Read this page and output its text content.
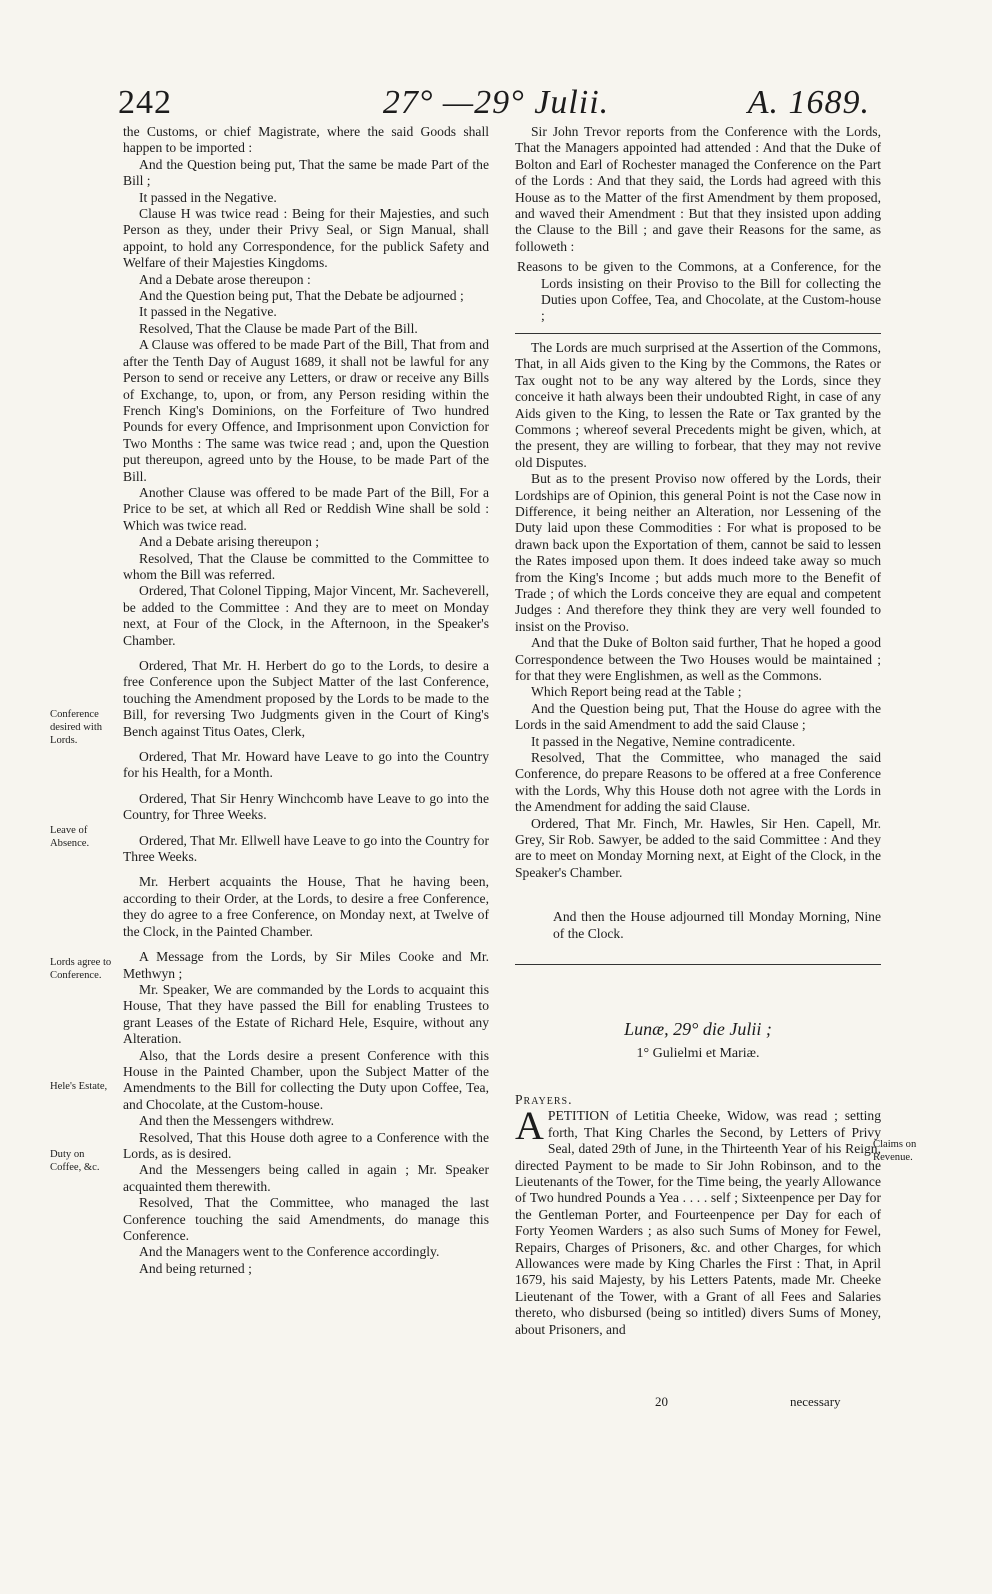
242	27° —29° Julii.	A. 1689.

the Customs, or chief Magistrate, where the said Goods shall happen to be imported :

And the Question being put, That the same be made Part of the Bill ;

It passed in the Negative.

Clause H was twice read : Being for their Majesties, and such Person as they, under their Privy Seal, or Sign Manual, shall appoint, to hold any Correspondence, for the publick Safety and Welfare of their Majesties Kingdoms.

And a Debate arose thereupon :

And the Question being put, That the Debate be adjourned ;

It passed in the Negative.

Resolved, That the Clause be made Part of the Bill.

A Clause was offered to be made Part of the Bill, That from and after the Tenth Day of August 1689, it shall not be lawful for any Person to send or receive any Letters, or draw or receive any Bills of Exchange, to, upon, or from, any Person residing within the French King's Dominions, on the Forfeiture of Two hundred Pounds for every Offence, and Imprisonment upon Conviction for Two Months : The same was twice read ; and, upon the Question put thereupon, agreed unto by the House, to be made Part of the Bill.

Another Clause was offered to be made Part of the Bill, For a Price to be set, at which all Red or Reddish Wine shall be sold : Which was twice read.

And a Debate arising thereupon ;

Resolved, That the Clause be committed to the Committee to whom the Bill was referred.

Ordered, That Colonel Tipping, Major Vincent, Mr. Sacheverell, be added to the Committee : And they are to meet on Monday next, at Four of the Clock, in the Afternoon, in the Speaker's Chamber.

Ordered, That Mr. H. Herbert do go to the Lords, to desire a free Conference upon the Subject Matter of the last Conference, touching the Amendment proposed by the Lords to be made to the Bill, for reversing Two Judgments given in the Court of King's Bench against Titus Oates, Clerk,

Ordered, That Mr. Howard have Leave to go into the Country for his Health, for a Month.

Ordered, That Sir Henry Winchcomb have Leave to go into the Country, for Three Weeks.

Ordered, That Mr. Ellwell have Leave to go into the Country for Three Weeks.

Mr. Herbert acquaints the House, That he having been, according to their Order, at the Lords, to desire a free Conference, they do agree to a free Conference, on Monday next, at Twelve of the Clock, in the Painted Chamber.

A Message from the Lords, by Sir Miles Cooke and Mr. Methwyn ;

Mr. Speaker, We are commanded by the Lords to acquaint this House, That they have passed the Bill for enabling Trustees to grant Leases of the Estate of Richard Hele, Esquire, without any Alteration.

Also, that the Lords desire a present Conference with this House in the Painted Chamber, upon the Subject Matter of the Amendments to the Bill for collecting the Duty upon Coffee, Tea, and Chocolate, at the Custom-house.

And then the Messengers withdrew.

Resolved, That this House doth agree to a Conference with the Lords, as is desired.

And the Messengers being called in again ; Mr. Speaker acquainted them therewith.

Resolved, That the Committee, who managed the last Conference touching the said Amendments, do manage this Conference.

And the Managers went to the Conference accordingly.

And being returned ;

Sir John Trevor reports from the Conference with the Lords, That the Managers appointed had attended : And that the Duke of Bolton and Earl of Rochester managed the Conference on the Part of the Lords : And that they said, the Lords had agreed with this House as to the Matter of the first Amendment by them proposed, and waved their Amendment : But that they insisted upon adding the Clause to the Bill ; and gave their Reasons for the same, as followeth :

Reasons to be given to the Commons, at a Conference, for the Lords insisting on their Proviso to the Bill for collecting the Duties upon Coffee, Tea, and Chocolate, at the Custom-house ;

The Lords are much surprised at the Assertion of the Commons, That, in all Aids given to the King by the Commons, the Rates or Tax ought not to be any way altered by the Lords, since they conceive it hath always been their undoubted Right, in case of any Aids given to the King, to lessen the Rate or Tax granted by the Commons ; whereof several Precedents might be given, which, at the present, they are willing to forbear, that they may not revive old Disputes.

But as to the present Proviso now offered by the Lords, their Lordships are of Opinion, this general Point is not the Case now in Difference, it being neither an Alteration, nor Lessening of the Duty laid upon these Commodities : For what is proposed to be drawn back upon the Exportation of them, cannot be said to lessen the Rates imposed upon them. It does indeed take away so much from the King's Income ; but adds much more to the Benefit of Trade ; of which the Lords conceive they are equal and competent Judges : And therefore they think they are very well founded to insist on the Proviso.

And that the Duke of Bolton said further, That he hoped a good Correspondence between the Two Houses would be maintained ; for that they were Englishmen, as well as the Commons.

Which Report being read at the Table ;

And the Question being put, That the House do agree with the Lords in the said Amendment to add the said Clause ;

It passed in the Negative, Nemine contradicente.

Resolved, That the Committee, who managed the said Conference, do prepare Reasons to be offered at a free Conference with the Lords, Why this House doth not agree with the Lords in the Amendment for adding the said Clause.

Ordered, That Mr. Finch, Mr. Hawles, Sir Hen. Capell, Mr. Grey, Sir Rob. Sawyer, be added to the said Committee : And they are to meet on Monday Morning next, at Eight of the Clock, in the Speaker's Chamber.

And then the House adjourned till Monday Morning, Nine of the Clock.

Lunæ, 29° die Julii ;
1° Gulielmi et Mariæ.

Prayers.

APETITION of Letitia Cheeke, Widow, was read ; setting forth, That King Charles the Second, by Letters of Privy Seal, dated 29th of June, in the Thirteenth Year of his Reign, directed Payment to be made to Sir John Robinson, and to the Lieutenants of the Tower, for the Time being, the yearly Allowance of Two hundred Pounds a Yea . . . . self ; Sixteenpence per Day for the Gentleman Porter, and Fourteenpence per Day for each of Forty Yeomen Warders ; as also such Sums of Money for Fewel, Repairs, Charges of Prisoners, &c. and other Charges, for which Allowances were made by King Charles the First : That, in April 1679, his said Majesty, by his Letters Patents, made Mr. Cheeke Lieutenant of the Tower, with a Grant of all Fees and Salaries thereto, who disbursed (being so intitled) divers Sums of Money, about Prisoners, and

Conference desired with Lords.
Leave of Absence.
Lords agree to Conference.
Hele's Estate,
Duty on Coffee, &c.
Claims on Revenue.
20	necessary
